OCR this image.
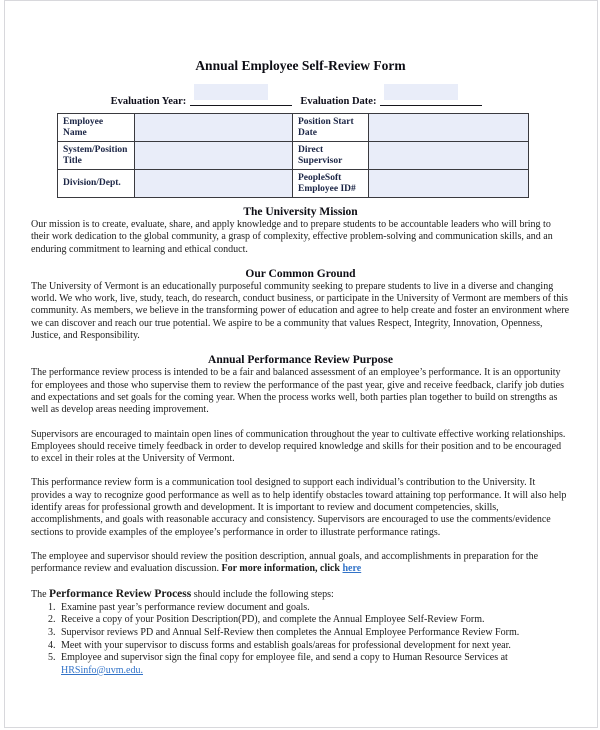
Annual Employee Self-Review Form
Evaluation Year:	Evaluation Date:
Employee Name		Position Start Date	
System/Position Title		Direct Supervisor	
Division/Dept.		PeopleSoft Employee ID#	
The University Mission

Our mission is to create, evaluate, share, and apply knowledge and to prepare students to be accountable leaders who will bring to their work dedication to the global community, a grasp of complexity, effective problem-solving and communication skills, and an enduring commitment to learning and ethical conduct.

Our Common Ground

The University of Vermont is an educationally purposeful community seeking to prepare students to live in a diverse and changing world. We who work, live, study, teach, do research, conduct business, or participate in the University of Vermont are members of this community. As members, we believe in the transforming power of education and agree to help create and foster an environment where we can discover and reach our true potential. We aspire to be a community that values Respect, Integrity, Innovation, Openness, Justice, and Responsibility.

Annual Performance Review Purpose

The performance review process is intended to be a fair and balanced assessment of an employee’s performance. It is an opportunity for employees and those who supervise them to review the performance of the past year, give and receive feedback, clarify job duties and expectations and set goals for the coming year. When the process works well, both parties plan together to build on strengths as well as develop areas needing improvement.

Supervisors are encouraged to maintain open lines of communication throughout the year to cultivate effective working relationships. Employees should receive timely feedback in order to develop required knowledge and skills for their position and to be encouraged to excel in their roles at the University of Vermont.

This performance review form is a communication tool designed to support each individual’s contribution to the University. It provides a way to recognize good performance as well as to help identify obstacles toward attaining top performance. It will also help identify areas for professional growth and development. It is important to review and document competencies, skills, accomplishments, and goals with reasonable accuracy and consistency. Supervisors are encouraged to use the comments/evidence sections to provide examples of the employee’s performance in order to illustrate performance ratings.

The employee and supervisor should review the position description, annual goals, and accomplishments in preparation for the performance review and evaluation discussion. For more information, click here

The Performance Review Process should include the following steps:

1. Examine past year’s performance review document and goals.
2. Receive a copy of your Position Description(PD), and complete the Annual Employee Self-Review Form.
3. Supervisor reviews PD and Annual Self-Review then completes the Annual Employee Performance Review Form.
4. Meet with your supervisor to discuss forms and establish goals/areas for professional development for next year.
5. Employee and supervisor sign the final copy for employee file, and send a copy to Human Resource Services at HRSinfo@uvm.edu.
